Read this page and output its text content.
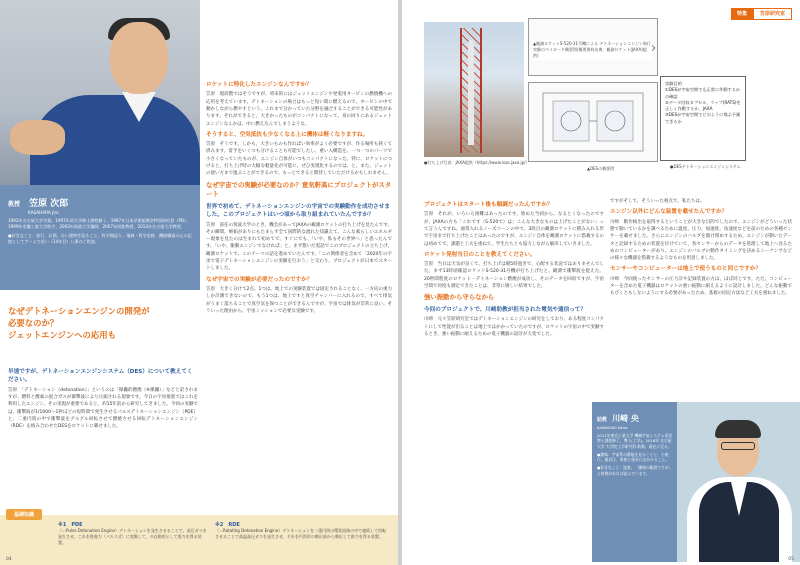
教授 笠原 次郎
KASAHARA Jiro

1992年名古屋大学卒業。1997年同大学修士課程修了。1997年日本学術振興会特別研究員（PD）。1999年室蘭工業大学助手、2003年筑波大学講師、2007年同准教授、2013年名古屋大学教授。

●好きなこと：旅行、お酒、古い建物を巡ること。科学館巡り。地域・科学史跡、機器構造の元の記憶としてブームで近い（14年目）八事のご相談。

なぜデトネーションエンジンの開発が
必要なのか？
ジェットエンジンへの応用も
早速ですが、デトネーションエンジンシステム（DES）について教えてください。
笠原　「デトネーション（detonation）」というのは「爆轟的燃焼（※爆轟）」などと訳されますが、燃料と酸素の混合ガスが衝撃波により圧縮される現象です。今日の宇宙推進ではこれを利用したエンジン、その実現が重要であると、約15年前から研究してきました。今回の実験では、衝撃波が1/1000～1秒ほどの短時間で発生させるパルスデトネーションエンジン（PDE）と、二重円筒の中で衝撃波をグルグル回転させて燃焼させる回転デトネーションエンジン（RDE）を組み合わせたDESをロケットに載せました。
ロケットに特化したエンジンなんですか？
笠原　現段階ではそうですが、将来的にはジェットエンジンや発電用タービンの燃焼機への応用を考えています。デトネーションの場合はもっと短い間に燃えるので、タービンの中で動かしながら燃やすという、これまで分かっていた分野を融合することができる可能性があります。それができると、大きかったものがコンパクトになって、身の回りにあるジェットエンジンなんかは、中に燃え込んでしまうような。
そうすると、空気抵抗も少なくなる上に機体は軽くなりますね。
笠原　そうです。しかも、大きいものも作ればい効率がよく必要ですが、作る場所も狭くて済みます。着手をいくつも分けることも可能でしたし、重い入構造を、一つ一つのパーツで小さくなっていたものが、エンジン自体がいつもコンパクトになった。特に、ロケットにつけると、打ち上げ時の大幅な軽量化が可能に。ぜひ実現化するのでは、と。また、ジェットの使い方まで運ぶことができるので、もっとできると期待していただけるかもしれません。
なぜ宇宙での実験が必要なのか？意気軒高にプロジェクトがスタート
世界で初めて、デトネーションエンジンの宇宙での実験動作を成功させました。このプロジェクトはいつ頃から取り組まれていたんですか？
笠原　前任の筑波大学のとき、機会があってJAXAの観測ロケットの打ち上げを見たんです。その瞬間、嫉妬がありにもたまらず全て国際的な流れた知識えて、こんな素らしいエネルギー現象を見たのは生まれて初めてで、すぐにでも、「いや、私もその世界へ」と思ったんです。「いや、駆動エンジンでなければ」と、まず想いだ電話でこのプロジェクトの立ち上げ、観測ロケットで、このテーマの話を進めていたんです。「この関係者を含めて「2020年の宇宙で電子デトネーションエンジンの実験を行おう」と交わり、プロジェクトが日本でスタートしました。
なぜ宇宙での実験が必要だったのですか？
笠原　大きく分けて2点。1つは、地上での実験装置では固定されることなく、一方向の重力しか計測できないので、もう1つは、地上ですと真空チャンバーに入れるので、すべて排気がうまく落ちることで真空気を保つことができるんですが、宇宙では排気が非常に良い。そういった理由から、宇宙ミッションで必要な実験です。
基礎知識
※1　PDE
（＝Pulse Detonation Engine）デトネーションを発生させることで、高圧ガスを発生させ、これを推進力（パルス式）に変換して、の自動的として推力を得る装置。
※2　RDE
（＝Rotating Detonation Engine）デトネーションを二重円筒の環状流路の中で連続して回転させることで高温高圧ガスを発生させ、それを円筒形の噴出部から噴出して推力を得る装置。
04
特集	笠原研究室
実験目的
①DESが宇宙空間でも正常に作動するかの確認
②データ回収カプセル、ラップ(RATS)を正しく作動するか、JAXA
③DESが宇宙空間でどのように飛ぶ予測できるか
●DESデトネーションエンジンシステム
▲観測ロケットS-520-31号機による デトネーションエンジン飛行実験のペイロード概要図(概要資料出典：観測ロケット(JAXA)提供)
●打ち上げ写真：JAXA提供（https://www.isas.jaxa.jp/）
▲DESの概要図
プロジェクトはスタート後も順調だったんですか？
笠原　それが、いろいろ困難はあったのです。始めた当初から、なるとくなったのですが、JAXAの方も「これです（S-520で）は」こんな大きなものは上げたことがない」って言うんですね。通常入れるノーズコーンの中で、3段目の観測ロケットに積み入れる形で宇宙まで打ち上げたことはあったのですが、エンジン自体を観測ロケットに搭載するのは初めてで、課題と工夫を重ねて、学生たちとも協力しながら解決していきました。
ロケット発射当日のことを教えてください。
笠原　当日は天気が良くて、打ち上げは朝5時過ぎで、心配する状況ではありませんでした。まず13時頃確認ロケットS-520-31号機が打ち上げたと。観測で衝撃波を捉えた。20秒間程度のロケット・デトネーション燃焼が成功し、そのデータを回収ですが、宇宙空間で何度も測定できたことは、非常に嬉しい結果でした。
強い振動から守らなから
今回のプロジェクトで、川崎助教が担当された電気や通信って？
川崎　元々笠原研究室ではデトネーションエンジンの研究をしており、ある程度コンパクトにして性能が出ることは地上ではかかっていたのですが、ロケットの宇宙の中で実験するとき、強い振動に耐えるための電子機器の設計が大変でした。
ですがそして、そういった視点で、私たちは。
エンジン以外にどんな装置を載せたんですか？
川崎　動作検出を取得するということが大きな目的でしたので、エンジンがどういった状態で動いているかを調べるために温度、圧力、加速度、角速度などを前のための各種センサーを載せました。さらにエンジンのバルブを開け閉めするため、エンジンが動いたデータと記録するための装置を付けていて、各センサーからのデータを処理して地上へ送るためのコンピューターがあり、エンジンのバルブの動作タイミングを決めるシーケンサなどの様々な機器を搭載するようなものを用意しました。
センサーやコンピューターは地上で使うものと同じですか？
川崎　今回使ったセンサーの圧力計や記録装置の方は、ほぼ同じです。ただ、コンピューターを含めた電子機器はロケットの強い振動に耐えるように設計しました。どんな振動でもびくともしないようにする必要があったため、基板の固定方法など工夫を重ねました。
助教 川崎 央

KAWASAKI Akira

2011年東京工業大学 機械宇宙システム専攻 博士課程修了。博士(工学)。2016年 名古屋大学 大学院工学研究科 助教。現在に至る。

●趣味：宇宙系の番組を見ることと、小旅行。最近は、家族と週末に出かけること。

●好きなこと：読書。「趣味の範囲ですが」と時間があれば読んでいます。

05
